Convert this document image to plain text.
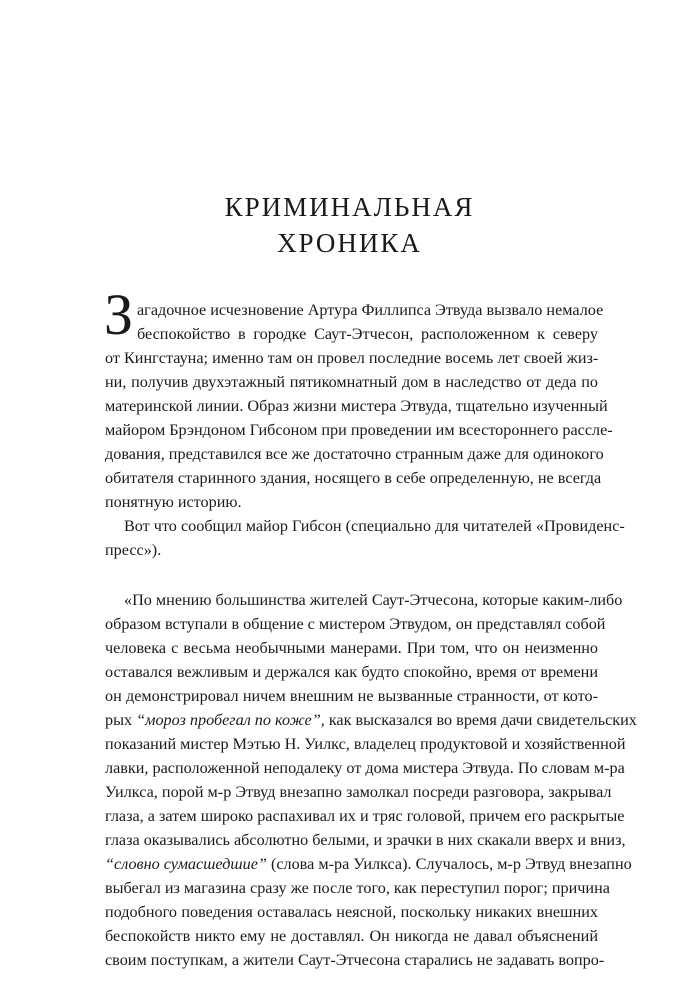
КРИМИНАЛЬНАЯ
ХРОНИКА
З агадочное исчезновение Артура Филлипса Этвуда вызвало немалое
беспокойство в городке Саут-Этчесон, расположенном к северу
от Кингстауна; именно там он провел последние восемь лет своей жиз-
ни, получив двухэтажный пятикомнатный дом в наследство от деда по
материнской линии. Образ жизни мистера Этвуда, тщательно изученный
майором Брэндоном Гибсоном при проведении им всестороннего рассле-
дования, представился все же достаточно странным даже для одинокого
обитателя старинного здания, носящего в себе определенную, не всегда
понятную историю.
Вот что сообщил майор Гибсон (специально для читателей «Провиденс-
пресс»).
«По мнению большинства жителей Саут-Этчесона, которые каким-либо
образом вступали в общение с мистером Этвудом, он представлял собой
человека с весьма необычными манерами. При том, что он неизменно
оставался вежливым и держался как будто спокойно, время от времени
он демонстрировал ничем внешним не вызванные странности, от кото-
рых “мороз пробегал по коже”, как высказался во время дачи свидетельских
показаний мистер Мэтью Н. Уилкс, владелец продуктовой и хозяйственной
лавки, расположенной неподалеку от дома мистера Этвуда. По словам м-ра
Уилкса, порой м-р Этвуд внезапно замолкал посреди разговора, закрывал
глаза, а затем широко распахивал их и тряс головой, причем его раскрытые
глаза оказывались абсолютно белыми, и зрачки в них скакали вверх и вниз,
“словно сумасшедшие” (слова м-ра Уилкса). Случалось, м-р Этвуд внезапно
выбегал из магазина сразу же после того, как переступил порог; причина
подобного поведения оставалась неясной, поскольку никаких внешних
беспокойств никто ему не доставлял. Он никогда не давал объяснений
своим поступкам, а жители Саут-Этчесона старались не задавать вопро-
